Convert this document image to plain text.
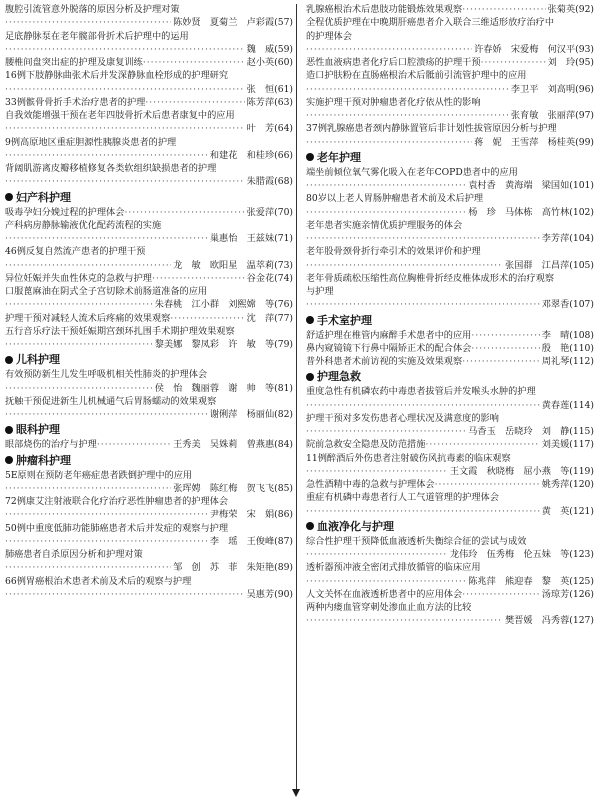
腹腔引流管意外脱落的原因分析及护理对策
·····
陈妙贤　夏菊兰　卢彩霞(57)
足底静脉泵在老年髋部骨折术后护理中的运用
·····
魏　威(59)
腰椎间盘突出症的护理及康复训练 ·····	赵小英(60)
16例下肢静脉曲张术后并发深静脉血栓形成的护理研究
·····
张　恒(61)
33例髌骨骨折手术治疗患者的护理 ·····	陈芳萍(63)
自我效能增强干预在老年四肢骨折术后患者康复中的应用
·····
叶　芳(64)
9例高原地区重症胆源性胰腺炎患者的护理
·····
和建花　和桂珍(66)
背阔肌游离皮瓣移植修复各类软组织缺损患者的护理
·····
朱腊霞(68)
妇产科护理
吸毒孕妇分娩过程的护理体会 ·····	张爱萍(70)
产科病房静脉输液优化配药流程的实施
·····
巢惠怡　王兹妹(71)
46例反复自然流产患者的护理干预
·····
龙　敏　欧阳星　温萃莉(73)
异位妊娠并失血性休克的急救与护理 ·····	谷金花(74)
口服蓖麻油在阴式全子宫切除术前肠道准备的应用
·····
朱春桃　江小群　刘熙嫦　等(76)
护理干预对减轻人流术后疼痛的效果观察 ·····	沈　萍(77)
五行音乐疗法干预妊娠期宫颈环扎围手术期护理效果观察
·····
黎美娜　黎凤彩　许　敏　等(79)
儿科护理
有效预防新生儿发生呼吸机相关性肺炎的护理体会
·····
侯　怡　魏丽蓉　谢　帅　等(81)
抚触干预促进新生儿机械通气后胃肠蠕动的效果观察
·····
谢俐萍　杨丽仙(82)
眼科护理
眼部烧伤的治疗与护理 ·····	王秀美　吴姝莉　曾燕惠(84)
肿瘤科护理
5E原则在预防老年癌症患者跌倒护理中的应用
·····
张珲娉　陈红梅　贺飞飞(85)
72例康艾注射液联合化疗治疗恶性肿瘤患者的护理体会
·····
尹梅荣　宋　娟(86)
50例中重度低肺功能肺癌患者术后并发症的观察与护理
·····
李　瑶　王俊峰(87)
肺癌患者自杀原因分析和护理对策
·····
邹　创　苏　菲　朱矩艳(89)
66例胃癌根治术患者术前及术后的观察与护理
·····
吴惠芳(90)
乳腺癌根治术后患肢功能锻炼效果观察 ·····	张菊英(92)
全程优质护理在中晚期肝癌患者介入联合三维适形放疗治疗中
的护理体会
·····
许春娇　宋爱梅　何汉平(93)
恶性血液病患者化疗后口腔溃疡的护理干预 ·····	刘　玲(95)
造口护肤粉在直肠癌根治术后骶前引流管护理中的应用
·····
李卫平　刘高明(96)
实施护理干预对肿瘤患者化疗依从性的影响
·····
张育敏　张丽萍(97)
37例乳腺癌患者颈内静脉置管后非计划性拔管原因分析与护理
·····
蒋　妮　王雪萍　杨桂英(99)
老年护理
端坐前倾位氧气雾化吸入在老年COPD患者中的应用
·····
袁村香　黄海端　梁国如(101)
80岁以上老人胃肠肿瘤患者术前及术后护理
·····
杨　珍　马体栋　高竹林(102)
老年患者实施亲情优质护理服务的体会
·····
李芳萍(104)
老年股骨颈骨折行牵引术的效果评价和护理
·····
张国群　江昌萍(105)
老年骨质疏松压缩性高位胸椎骨折经皮椎体成形术的治疗观察
与护理
·····
邓翠香(107)
手术室护理
舒适护理在椎管内麻醉手术患者中的应用 ·····	李　晴(108)
鼻内窥镜镜下行鼻中隔矫正术的配合体会 ·····	殷　艳(110)
普外科患者术前访视的实施及效果观察 ·····	周礼琴(112)
护理急救
重度急性有机磷农药中毒患者拔管后并发喉头水肿的护理
·····
黄春莲(114)
护理干预对多发伤患者心理状况及满意度的影响
·····
马香玉　岳晓玲　刘　静(115)
院前急救安全隐患及防范措施 ·····	刘美媛(117)
11例醉酒后外伤患者注射破伤风抗毒素的临床观察
·····
王文霞　秋晓梅　屈小燕　等(119)
急性酒精中毒的急救与护理体会 ·····	姚秀萍(120)
重症有机磷中毒患者行人工气道管理的护理体会
·····
黄　英(121)
血液净化与护理
综合性护理干预降低血液透析失衡综合征的尝试与成效
·····
龙伟玲　伍秀梅　伦五妹　等(123)
透析器预冲液全密闭式排放循管的临床应用
·····
陈兆萍　熊迎春　黎　英(125)
人文关怀在血液透析患者中的应用体会 ·····	汤琼芳(126)
两种内瘘血管穿刺处渗血止血方法的比较
·····
樊晋媛　冯秀蓉(127)
